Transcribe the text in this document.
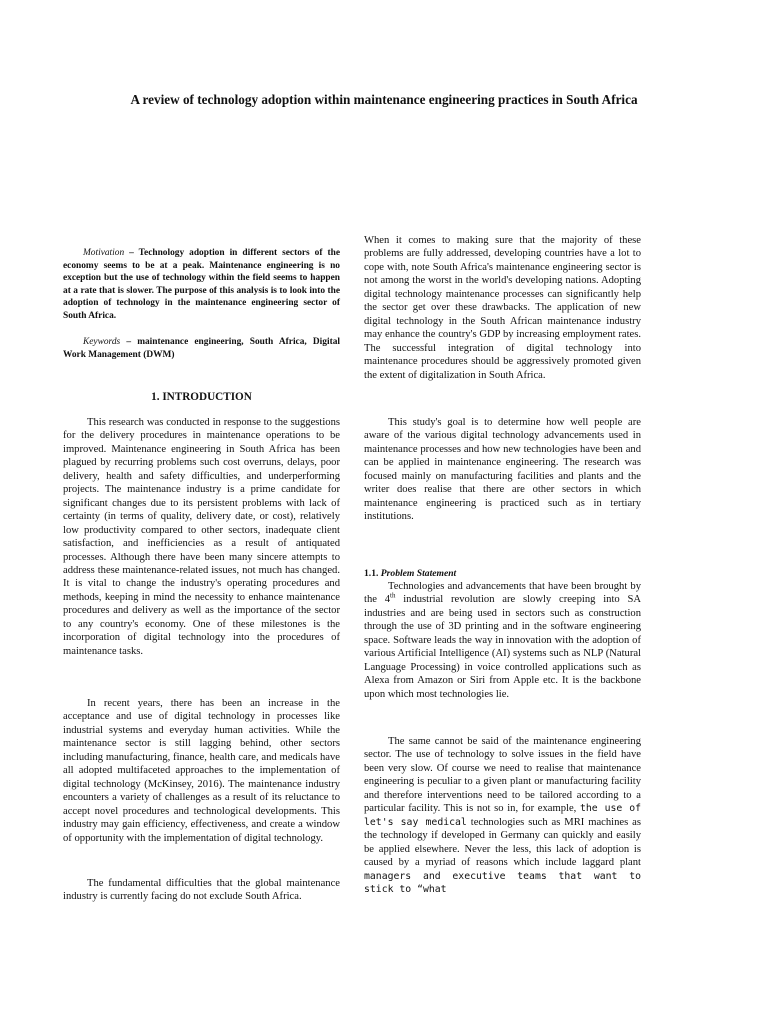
A review of technology adoption within maintenance engineering practices in South Africa

Motivation – Technology adoption in different sectors of the economy seems to be at a peak. Maintenance engineering is no exception but the use of technology within the field seems to happen at a rate that is slower. The purpose of this analysis is to look into the adoption of technology in the maintenance engineering sector of South Africa.

Keywords – maintenance engineering, South Africa, Digital Work Management (DWM)

1. INTRODUCTION

This research was conducted in response to the suggestions for the delivery procedures in maintenance operations to be improved. Maintenance engineering in South Africa has been plagued by recurring problems such cost overruns, delays, poor delivery, health and safety difficulties, and underperforming projects. The maintenance industry is a prime candidate for significant changes due to its persistent problems with lack of certainty (in terms of quality, delivery date, or cost), relatively low productivity compared to other sectors, inadequate client satisfaction, and inefficiencies as a result of antiquated processes. Although there have been many sincere attempts to address these maintenance-related issues, not much has changed. It is vital to change the industry's operating procedures and methods, keeping in mind the necessity to enhance maintenance procedures and delivery as well as the importance of the sector to any country's economy. One of these milestones is the incorporation of digital technology into the procedures of maintenance tasks.

In recent years, there has been an increase in the acceptance and use of digital technology in processes like industrial systems and everyday human activities. While the maintenance sector is still lagging behind, other sectors including manufacturing, finance, health care, and medicals have all adopted multifaceted approaches to the implementation of digital technology (McKinsey, 2016). The maintenance industry encounters a variety of challenges as a result of its reluctance to accept novel procedures and technological developments. This industry may gain efficiency, effectiveness, and create a window of opportunity with the implementation of digital technology.

The fundamental difficulties that the global maintenance industry is currently facing do not exclude South Africa.

When it comes to making sure that the majority of these problems are fully addressed, developing countries have a lot to cope with, note South Africa's maintenance engineering sector is not among the worst in the world's developing nations. Adopting digital technology maintenance processes can significantly help the sector get over these drawbacks. The application of new digital technology in the South African maintenance industry may enhance the country's GDP by increasing employment rates. The successful integration of digital technology into maintenance procedures should be aggressively promoted given the extent of digitalization in South Africa.

This study's goal is to determine how well people are aware of the various digital technology advancements used in maintenance processes and how new technologies have been and can be applied in maintenance engineering. The research was focused mainly on manufacturing facilities and plants and the writer does realise that there are other sectors in which maintenance engineering is practiced such as in tertiary institutions.

1.1. Problem Statement

Technologies and advancements that have been brought by the 4th industrial revolution are slowly creeping into SA industries and are being used in sectors such as construction through the use of 3D printing and in the software engineering space. Software leads the way in innovation with the adoption of various Artificial Intelligence (AI) systems such as NLP (Natural Language Processing) in voice controlled applications such as Alexa from Amazon or Siri from Apple etc. It is the backbone upon which most technologies lie.

The same cannot be said of the maintenance engineering sector. The use of technology to solve issues in the field have been very slow. Of course we need to realise that maintenance engineering is peculiar to a given plant or manufacturing facility and therefore interventions need to be tailored according to a particular facility. This is not so in, for example, the use of let's say medical technologies such as MRI machines as the technology if developed in Germany can quickly and easily be applied elsewhere. Never the less, this lack of adoption is caused by a myriad of reasons which include laggard plant managers and executive teams that want to stick to “what
